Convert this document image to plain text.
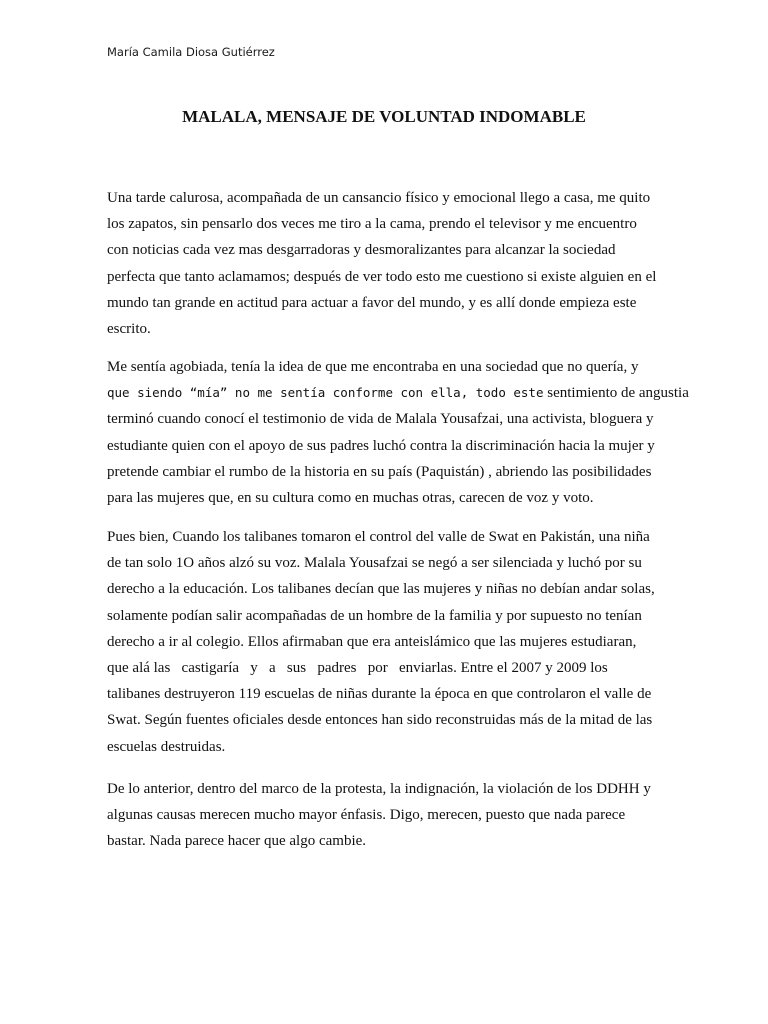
María Camila Diosa Gutiérrez
MALALA, MENSAJE DE VOLUNTAD INDOMABLE
Una tarde calurosa, acompañada de un cansancio físico y emocional llego a casa, me quito
los zapatos, sin pensarlo dos veces me tiro a la cama, prendo el televisor y me encuentro
con noticias cada vez mas desgarradoras y desmoralizantes para alcanzar la sociedad
perfecta que tanto aclamamos; después de ver todo esto me cuestiono si existe alguien en el
mundo tan grande en actitud para actuar a favor del mundo, y es allí donde empieza este
escrito.
Me sentía agobiada, tenía la idea de que me encontraba en una sociedad que no quería, y
que siendo “mía” no me sentía conforme con ella, todo este sentimiento de angustia
terminó cuando conocí el testimonio de vida de Malala Yousafzai, una activista, bloguera y
estudiante quien con el apoyo de sus padres luchó contra la discriminación hacia la mujer y
pretende cambiar el rumbo de la historia en su país (Paquistán) , abriendo las posibilidades
para las mujeres que, en su cultura como en muchas otras, carecen de voz y voto.
Pues bien, Cuando los talibanes tomaron el control del valle de Swat en Pakistán, una niña
de tan solo 1O años alzó su voz. Malala Yousafzai se negó a ser silenciada y luchó por su
derecho a la educación. Los talibanes decían que las mujeres y niñas no debían andar solas,
solamente podían salir acompañadas de un hombre de la familia y por supuesto no tenían
derecho a ir al colegio. Ellos afirmaban que era anteislámico que las mujeres estudiaran,
que alá las   castigaría   y   a   sus   padres   por   enviarlas. Entre el 2007 y 2009 los
talibanes destruyeron 119 escuelas de niñas durante la época en que controlaron el valle de
Swat. Según fuentes oficiales desde entonces han sido reconstruidas más de la mitad de las
escuelas destruidas.
De lo anterior, dentro del marco de la protesta, la indignación, la violación de los DDHH y
algunas causas merecen mucho mayor énfasis. Digo, merecen, puesto que nada parece
bastar. Nada parece hacer que algo cambie.
